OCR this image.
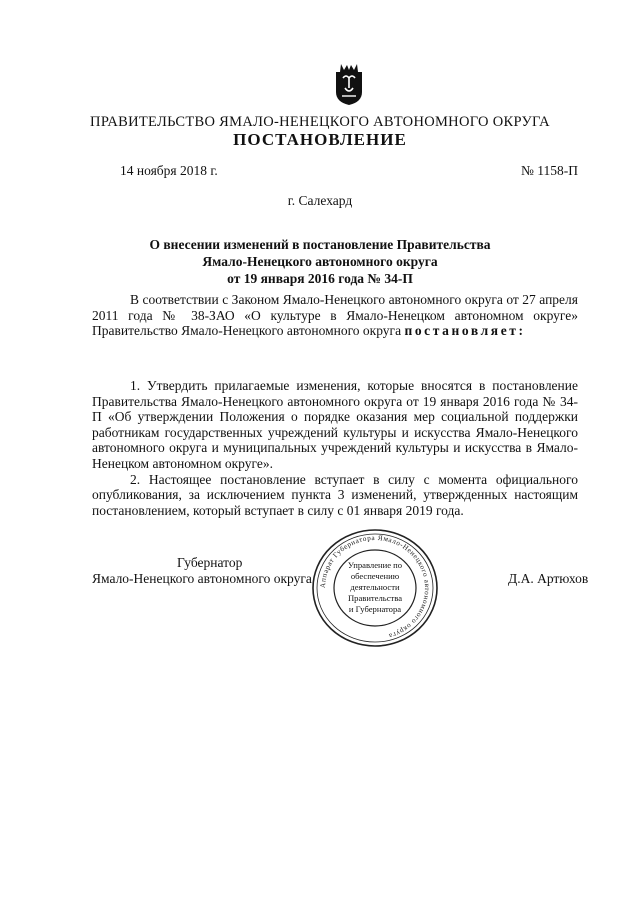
ПРАВИТЕЛЬСТВО ЯМАЛО-НЕНЕЦКОГО АВТОНОМНОГО ОКРУГА
ПОСТАНОВЛЕНИЕ
14 ноября 2018 г.	№ 1158-П
г. Салехард
О внесении изменений в постановление Правительства
Ямало-Ненецкого автономного округа
от 19 января 2016 года № 34-П

В соответствии с Законом Ямало-Ненецкого автономного округа от 27 апреля 2011 года № 38-ЗАО «О культуре в Ямало-Ненецком автономном округе» Правительство Ямало-Ненецкого автономного округа постановляет:

1. Утвердить прилагаемые изменения, которые вносятся в постановление Правительства Ямало-Ненецкого автономного округа от 19 января 2016 года № 34-П «Об утверждении Положения о порядке оказания мер социальной поддержки работникам государственных учреждений культуры и искусства Ямало-Ненецкого автономного округа и муниципальных учреждений культуры и искусства в Ямало-Ненецком автономном округе».

2. Настоящее постановление вступает в силу с момента официального опубликования, за исключением пункта 3 изменений, утвержденных настоящим постановлением, который вступает в силу с 01 января 2019 года.

Губернатор
Ямало-Ненецкого автономного округа	Д.А. Артюхов
Аппарат Губернатора Ямало-Ненецкого автономного округа
Управление по
обеспечению
деятельности
Правительства
и Губернатора
